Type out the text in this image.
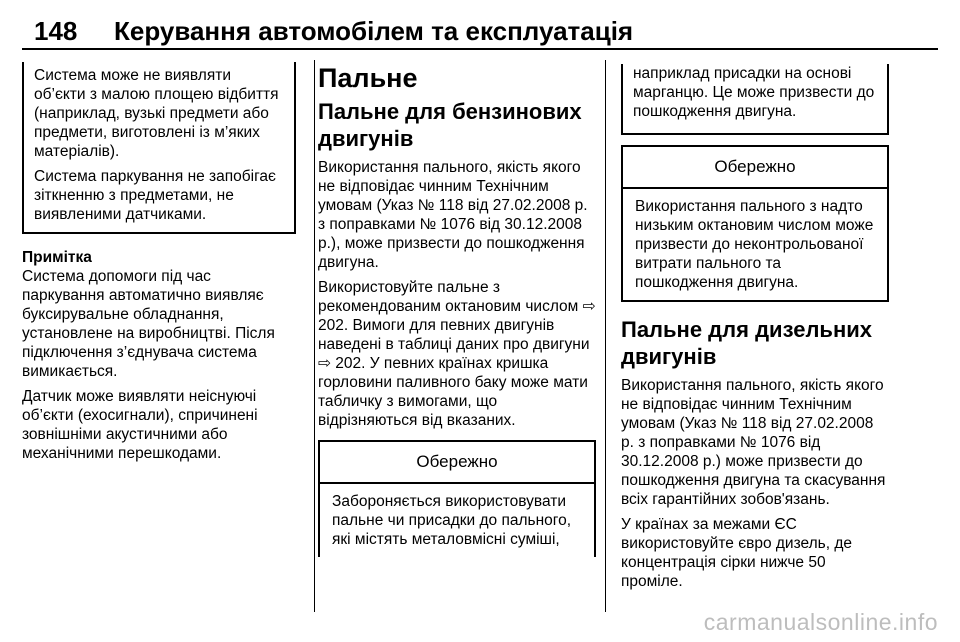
148	Керування автомобілем та експлуатація

Система може не виявляти об’єкти з малою площею відбиття (наприклад, вузькі предмети або предмети, виготовлені із м’яких матеріалів).

Система паркування не запобігає зіткненню з предметами, не виявленими датчиками.

Примітка

Система допомоги під час паркування автоматично виявляє буксирувальне обладнання, установлене на виробництві. Після підключення з’єднувача система вимикається.

Датчик може виявляти неіснуючі об’єкти (ехосигнали), спричинені зовнішніми акустичними або механічними перешкодами.

Пальне
Пальне для бензинових двигунів

Використання пального, якість якого не відповідає чинним Технічним умовам (Указ № 118 від 27.02.2008 р. з поправками № 1076 від 30.12.2008 р.), може призвести до пошкодження двигуна.

Використовуйте пальне з рекомендованим октановим числом ⇨ 202. Вимоги для певних двигунів наведені в таблиці даних про двигуни ⇨ 202. У певних країнах кришка горловини паливного баку може мати табличку з вимогами, що відрізняються від вказаних.

Обережно

Забороняється використовувати пальне чи присадки до пального, які містять металовмісні суміші,

наприклад присадки на основі марганцю. Це може призвести до пошкодження двигуна.

Обережно

Використання пального з надто низьким октановим числом може призвести до неконтрольованої витрати пального та пошкодження двигуна.

Пальне для дизельних двигунів

Використання пального, якість якого не відповідає чинним Технічним умовам (Указ № 118 від 27.02.2008 р. з поправками № 1076 від 30.12.2008 р.) може призвести до пошкодження двигуна та скасування всіх гарантійних зобов'язань.

У країнах за межами ЄС використовуйте євро дизель, де концентрація сірки нижче 50 проміле.

carmanualsonline.info
